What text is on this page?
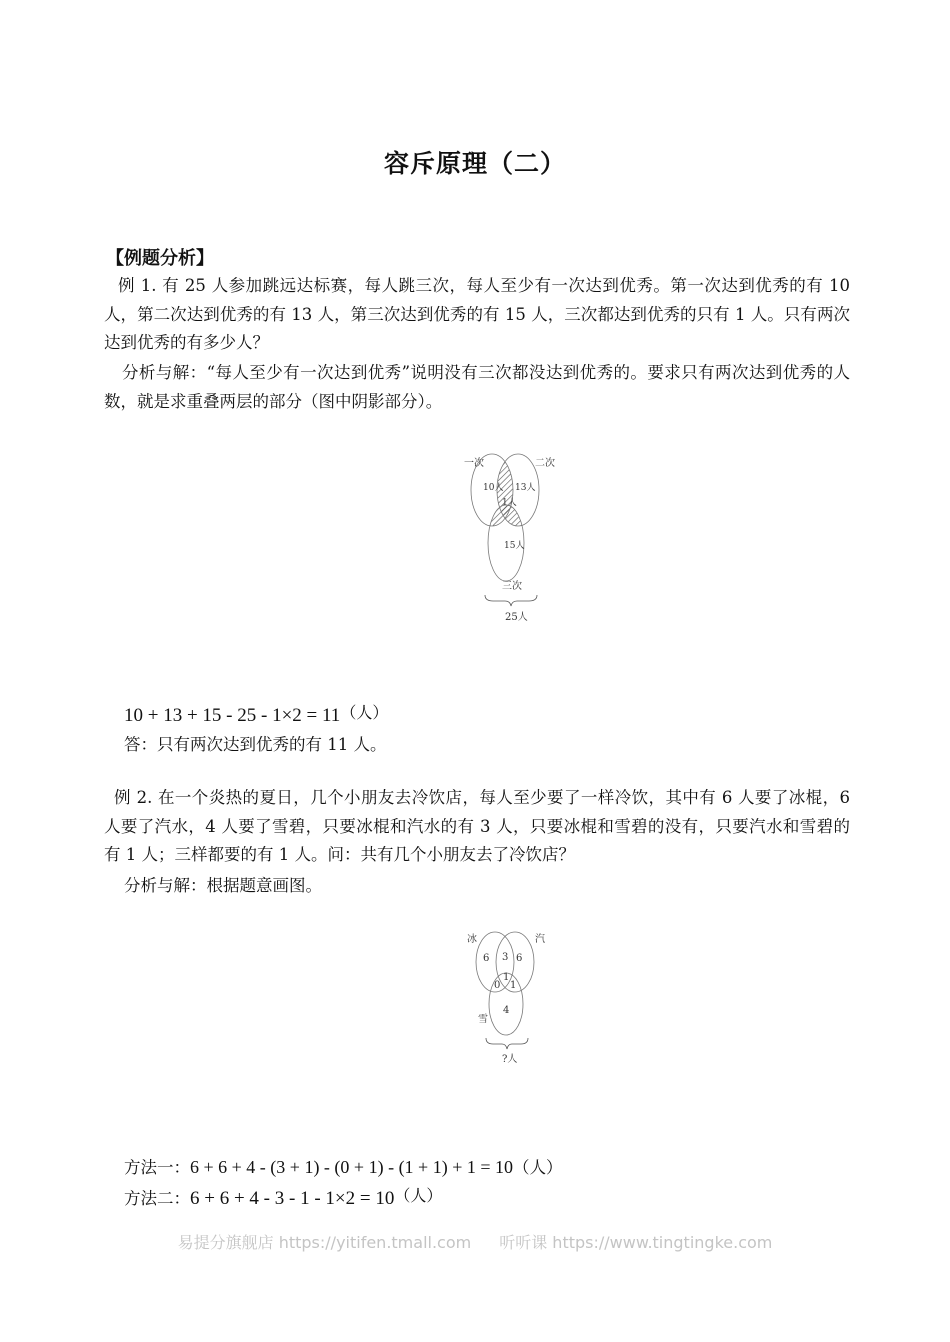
容斥原理（二）
【例题分析】
例 1. 有 25 人参加跳远达标赛，每人跳三次，每人至少有一次达到优秀。第一次达到优秀的有 10 人，第二次达到优秀的有 13 人，第三次达到优秀的有 15 人，三次都达到优秀的只有 1 人。只有两次达到优秀的有多少人？
分析与解：“每人至少有一次达到优秀”说明没有三次都没达到优秀的。要求只有两次达到优秀的人数，就是求重叠两层的部分（图中阴影部分）。
一次	二次
10人 13人
1人
15人
三次
25人
10 + 13 + 15 - 25 - 1×2 = 11（人）
答：只有两次达到优秀的有 11 人。
例 2. 在一个炎热的夏日，几个小朋友去冷饮店，每人至少要了一样冷饮，其中有 6 人要了冰棍，6 人要了汽水，4 人要了雪碧，只要冰棍和汽水的有 3 人，只要冰棍和雪碧的没有，只要汽水和雪碧的有 1 人；三样都要的有 1 人。问：共有几个小朋友去了冷饮店？
分析与解：根据题意画图。
冰	汽
6 3 6
1
0 1
4
雪
?人
方法一：6 + 6 + 4 - (3 + 1) - (0 + 1) - (1 + 1) + 1 = 10（人）
方法二：6 + 6 + 4 - 3 - 1 - 1×2 = 10（人）
易提分旗舰店 https://yitifen.tmall.com 听听课 https://www.tingtingke.com
